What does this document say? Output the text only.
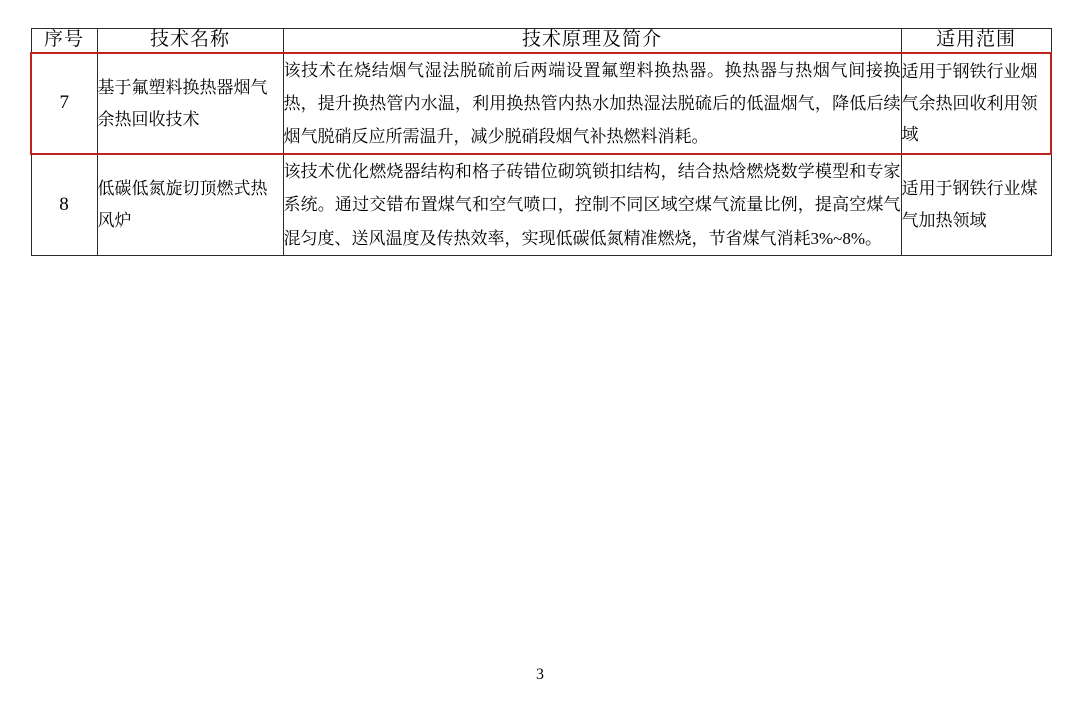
序号	技术名称	技术原理及简介	适用范围
7	基于氟塑料换热器烟气余热回收技术	该技术在烧结烟气湿法脱硫前后两端设置氟塑料换热器。换热器与热烟气间接换热，提升换热管内水温，利用换热管内热水加热湿法脱硫后的低温烟气，降低后续烟气脱硝反应所需温升，减少脱硝段烟气补热燃料消耗。	适用于钢铁行业烟气余热回收利用领域
8	低碳低氮旋切顶燃式热风炉	该技术优化燃烧器结构和格子砖错位砌筑锁扣结构，结合热焓燃烧数学模型和专家系统。通过交错布置煤气和空气喷口，控制不同区域空煤气流量比例，提高空煤气混匀度、送风温度及传热效率，实现低碳低氮精准燃烧，节省煤气消耗3%~8%。	适用于钢铁行业煤气加热领域
3
